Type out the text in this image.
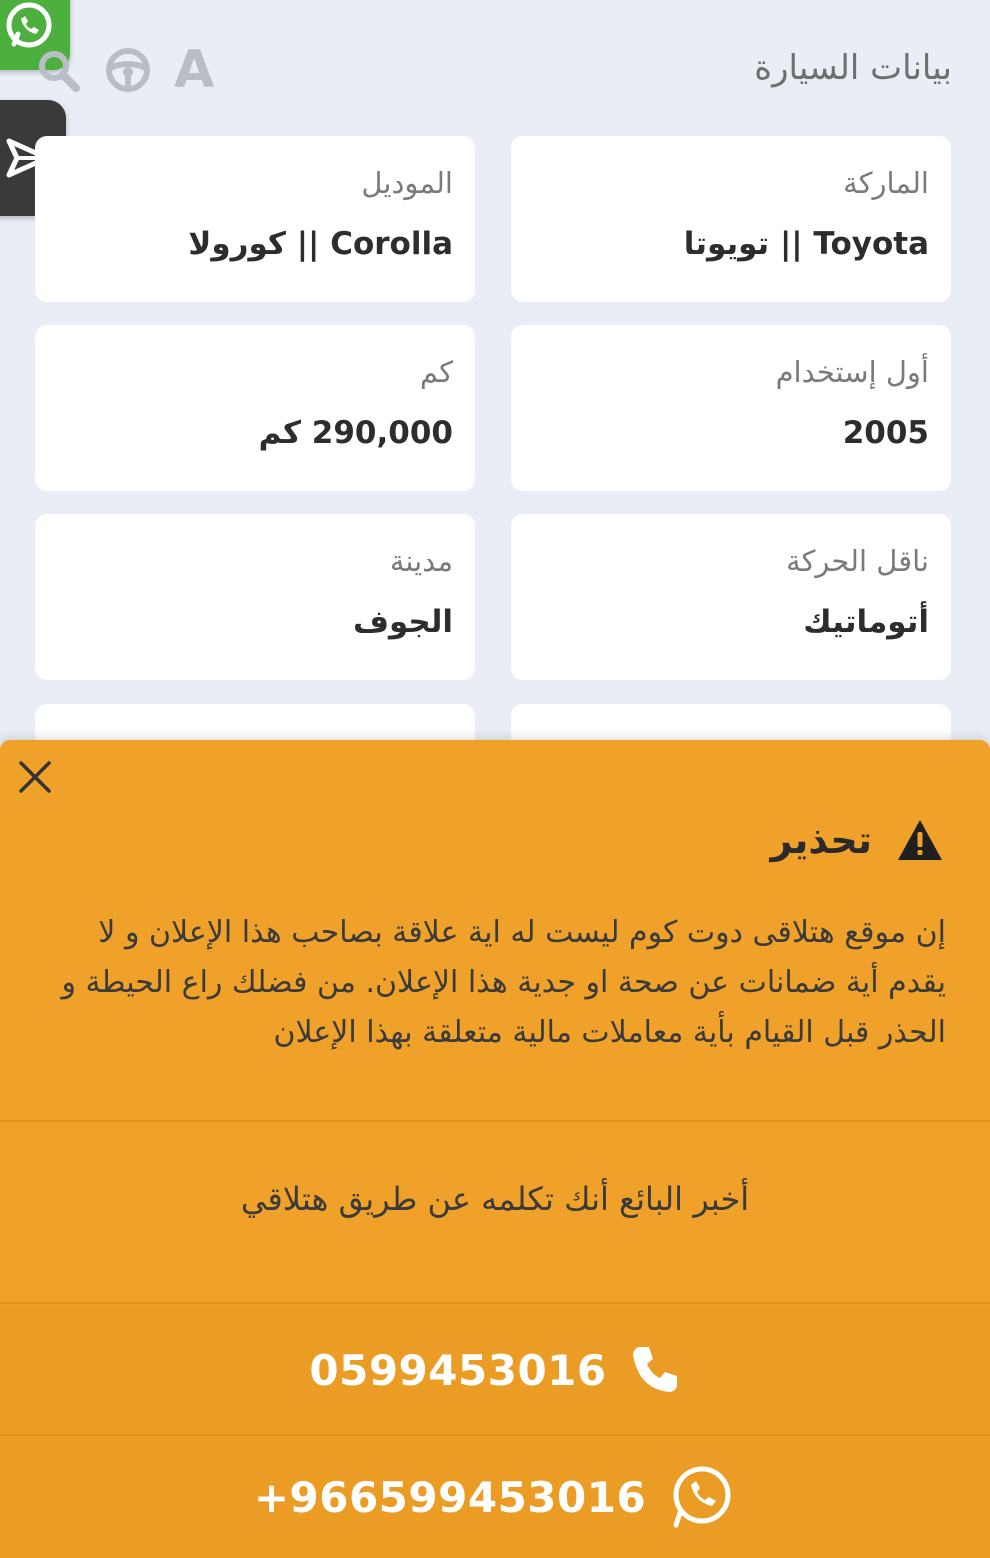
بيانات السيارة
A
الماركة
Toyota || تويوتا
الموديل
Corolla || كورولا
أول إستخدام
2005
كم
290,000 كم
ناقل الحركة
أتوماتيك
مدينة
الجوف
تحذير
إن موقع هتلاقى دوت كوم ليست له اية علاقة بصاحب هذا الإعلان و لا يقدم أية ضمانات عن صحة او جدية هذا الإعلان. من فضلك راع الحيطة و الحذر قبل القيام بأية معاملات مالية متعلقة بهذا الإعلان
أخبر البائع أنك تكلمه عن طريق هتلاقي
0599453016
+966599453016
